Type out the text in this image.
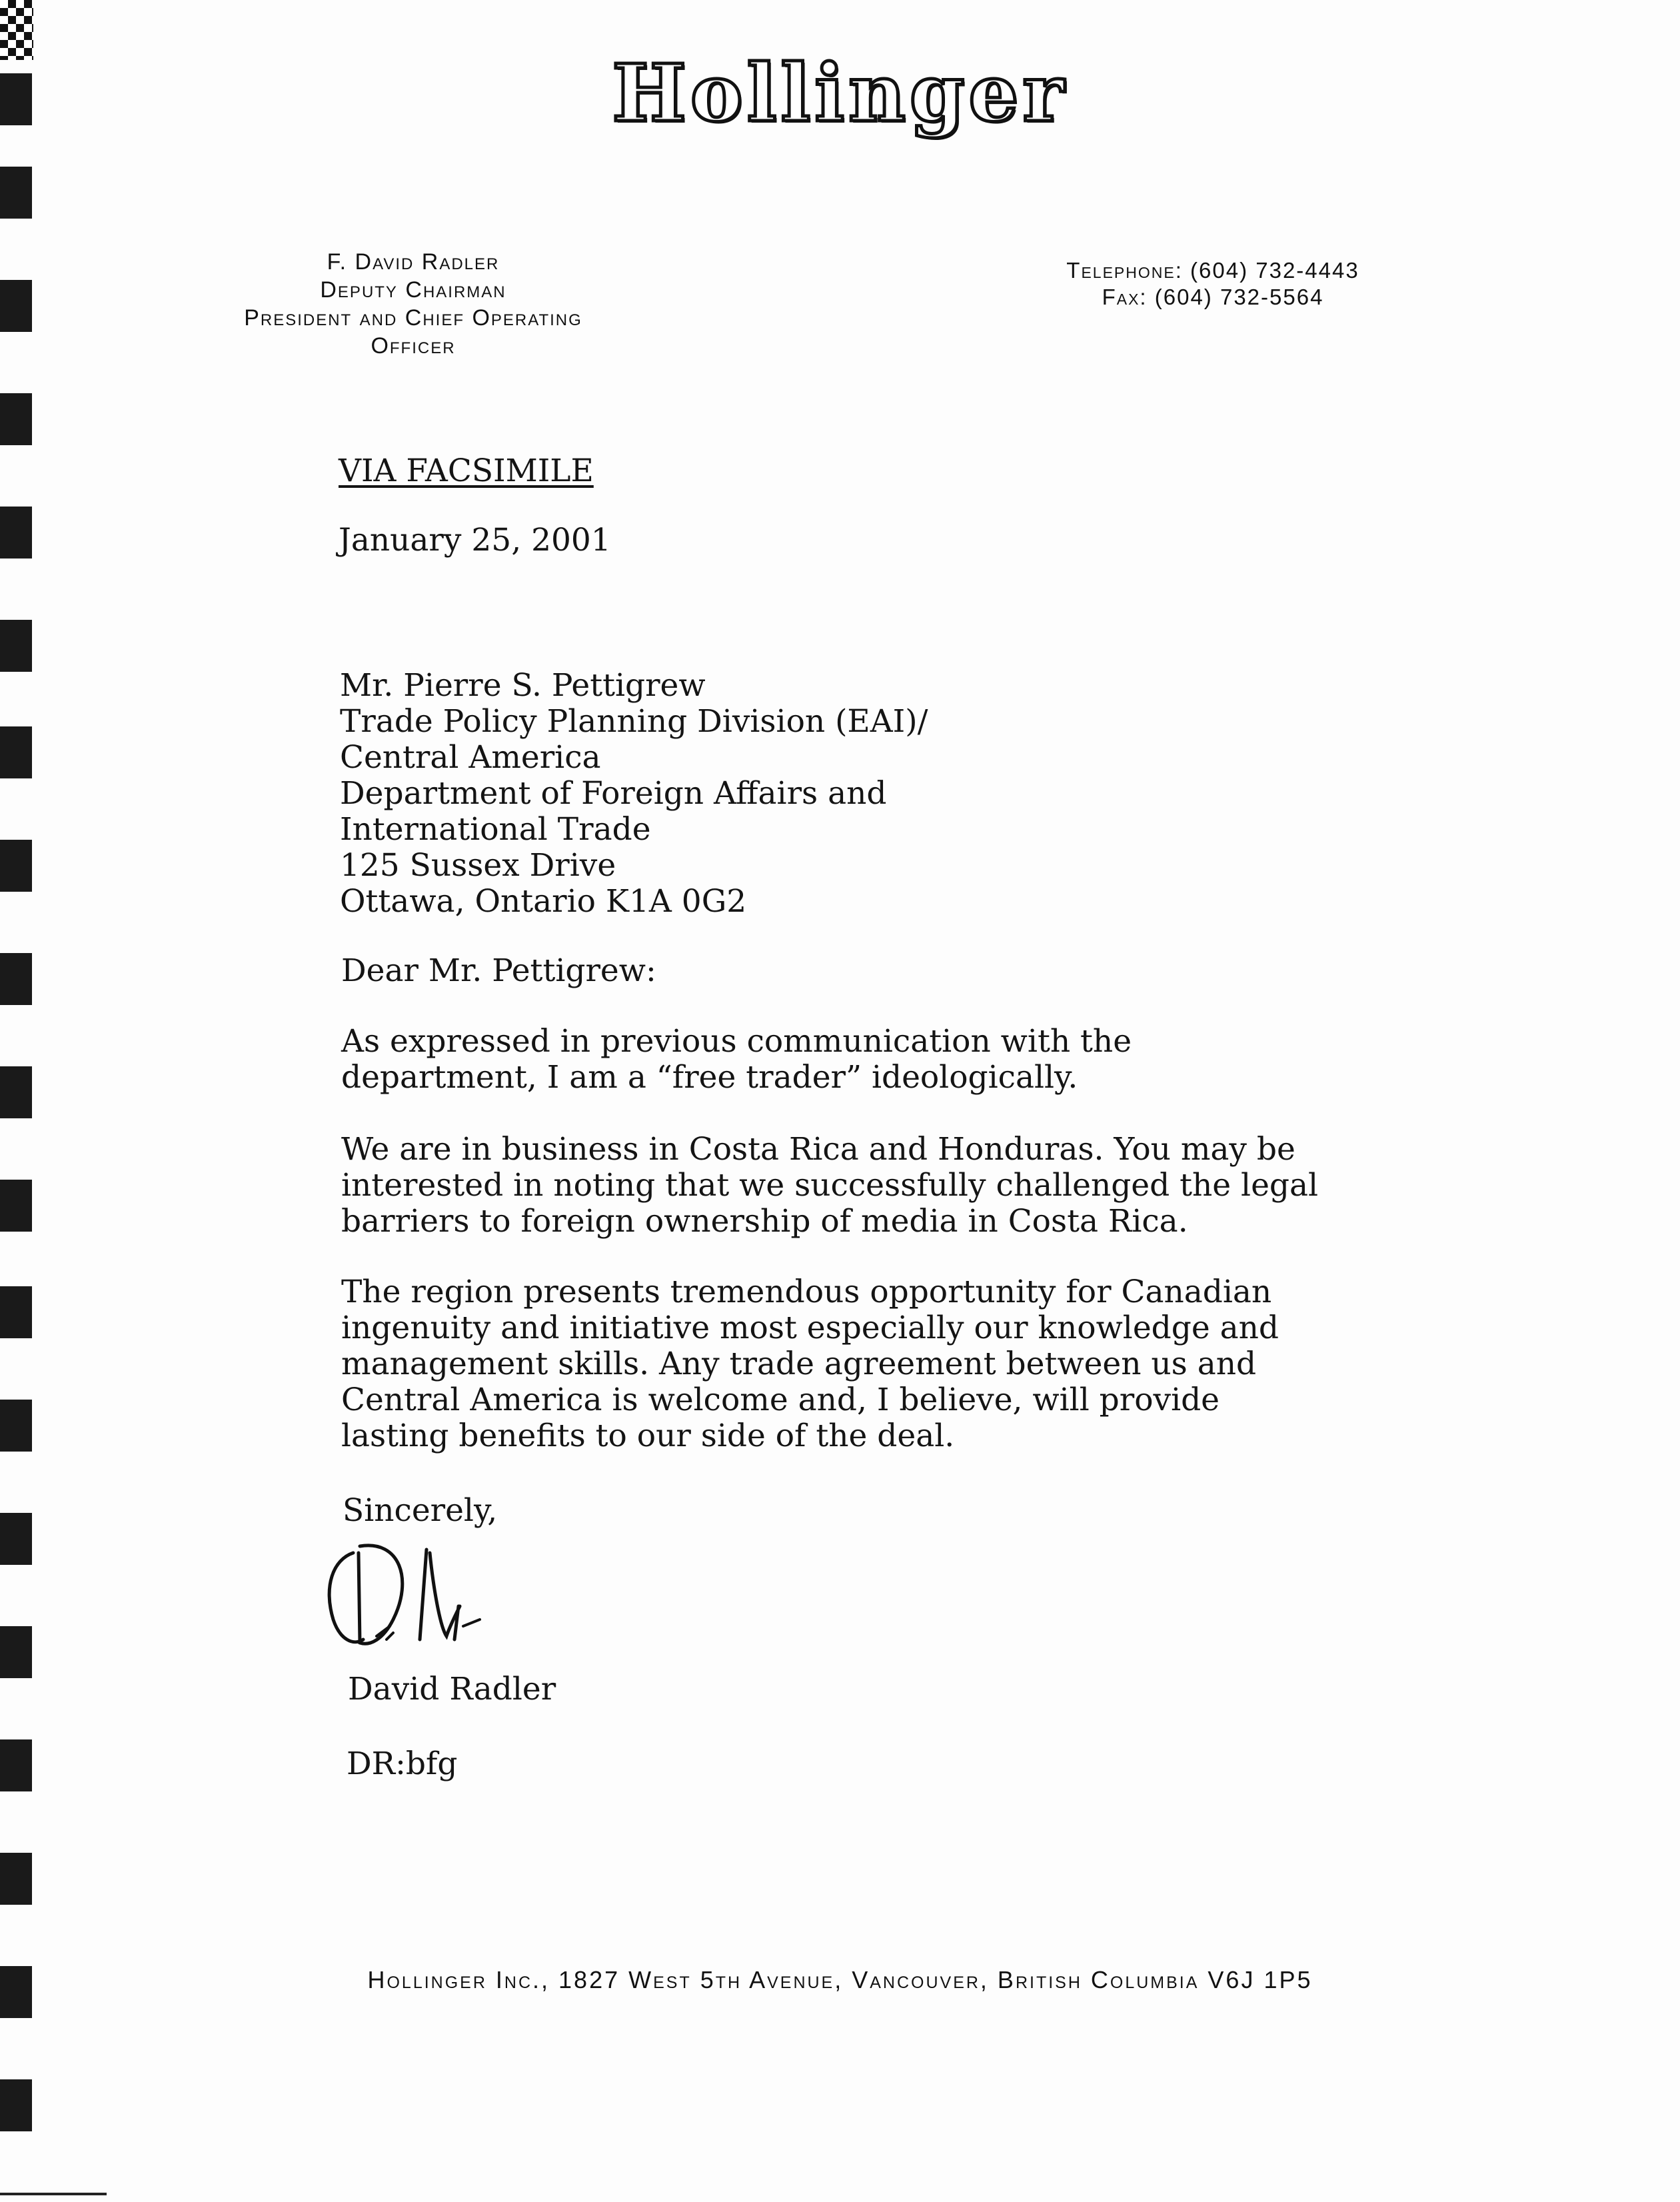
Hollinger
F. David Radler
Deputy Chairman
President and Chief Operating Officer
Telephone: (604) 732-4443
Fax: (604) 732-5564
VIA FACSIMILE
January 25, 2001
Mr. Pierre S. Pettigrew
Trade Policy Planning Division (EAI)/
Central America
Department of Foreign Affairs and
International Trade
125 Sussex Drive
Ottawa, Ontario K1A 0G2
Dear Mr. Pettigrew:
As expressed in previous communication with the
department, I am a “free trader” ideologically.
We are in business in Costa Rica and Honduras. You may be
interested in noting that we successfully challenged the legal
barriers to foreign ownership of media in Costa Rica.
The region presents tremendous opportunity for Canadian
ingenuity and initiative most especially our knowledge and
management skills. Any trade agreement between us and
Central America is welcome and, I believe, will provide
lasting benefits to our side of the deal.
Sincerely,
David Radler
DR:bfg
Hollinger Inc., 1827 West 5th Avenue, Vancouver, British Columbia V6J 1P5
